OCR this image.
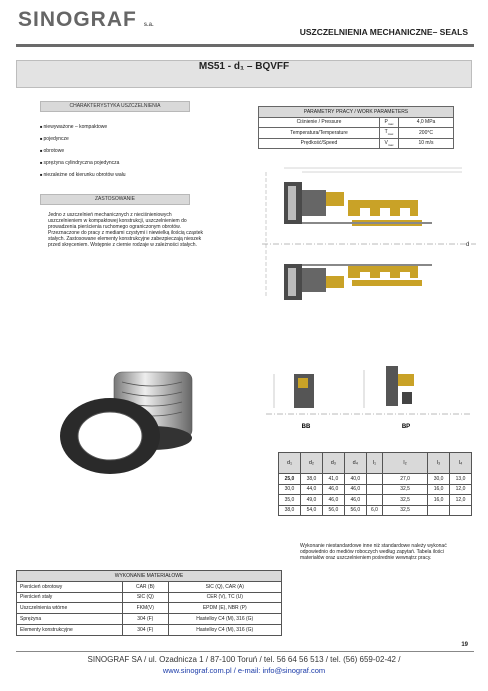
SINOGRAF s.a.
USZCZELNIENIA MECHANICZNE– SEALS
MS51 - d₁ – BQVFF
CHARAKTERYSTYKA USZCZELNIENIA
■ niewyważone – kompaktowe
■ pojedyncze
■ obrotowe
■ sprężyna cylindryczna pojedyncza
■ niezależne od kierunku obrotów wału
ZASTOSOWANIE
Jedno z uszczelnień mechanicznych z nieciśnieniowych uszczelnieniem w kompaktowej konstrukcji, uszczelnieniem do prowadzenia pierścienia ruchomego ograniczonym obrotów. Przeznaczone do pracy z mediami czystymi i niewielką ilością cząstek stałych. Zastosowane elementy konstrukcyjne zabezpieczają nieszek przed skręceniem. Wstępnie z ciernie rodzaje w zależności stałych.
PARAMETRY PRACY / WORK PARAMETERS		
Ciśnienie / Pressure	$P_{max}$	4,0 MPa
Temperatura/Temperature	$T_{max}$	200°C
Prędkość/Speed	$V_{max}$	10 m/s
d
BB	BP
d₁	d₂	d₃	d₄	l₁	l₂	l₃	l₄
25,0	38,0	41,0	40,0		27,0	30,0	13,0
30,0	44,0	46,0	46,0		32,5	16,0	12,0
35,0	49,0	46,0	46,0		32,5	16,0	12,0
38,0	54,0	56,0	56,0	6,0	32,5		
Wykonanie niestandardowe inne niż standardowe należy wykonać odpowiednio do mediów roboczych według zapytań. Tabela ilości materiałów oraz uszczelnieniem pośrednie wewnątrz pracy.
WYKONANIE MATERIAŁOWE		
Pierścień obrotowy	CAR (B)	SIC (Q), CAR (A)
Pierścień stały	SIC (Q)	CER (V), TC (U)
Uszczelnienia wtórne	FKM(V)	EPDM (E), NBR (P)
Sprężyna	304 (F)	Hastelloy C4 (M), 316 (G)
Elementy konstrukcyjne	304 (F)	Hastelloy C4 (M), 316 (G)
19
SINOGRAF SA / ul. Ozadnicza 1 / 87-100 Toruń / tel. 56 64 56 513 / tel. (56) 659-02-42 /
www.sinograf.com.pl / e-mail: info@sinograf.com
